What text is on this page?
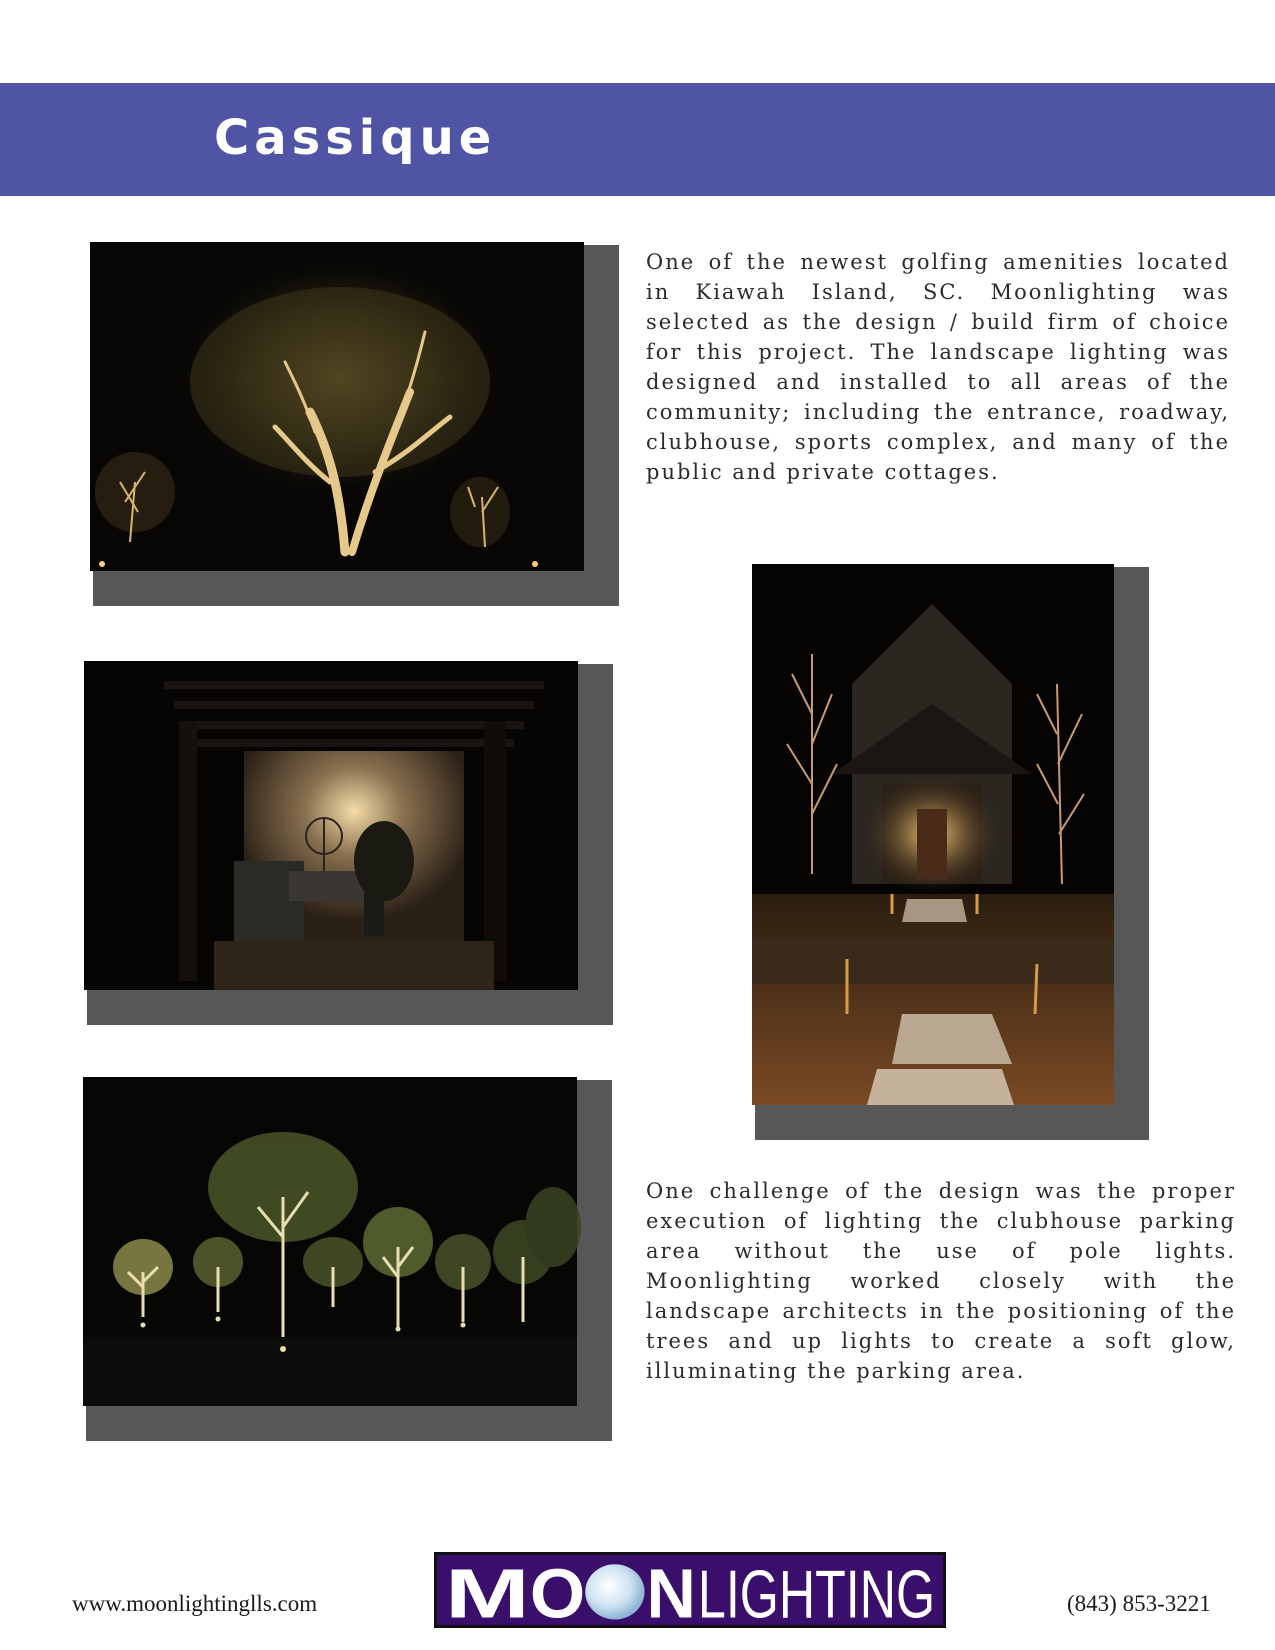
Cassique

One of the newest golfing amenities located in Kiawah Island, SC. Moonlighting was selected as the design / build firm of choice for this project. The landscape lighting was designed and installed to all areas of the community; including the entrance, roadway, clubhouse, sports complex, and many of the public and private cottages.

One challenge of the design was the proper execution of lighting the clubhouse parking area without the use of pole lights. Moonlighting worked closely with the landscape architects in the positioning of the trees and up lights to create a soft glow, illuminating the parking area.

www.moonlightinglls.com M O N LIGHTING	(843) 853-3221
